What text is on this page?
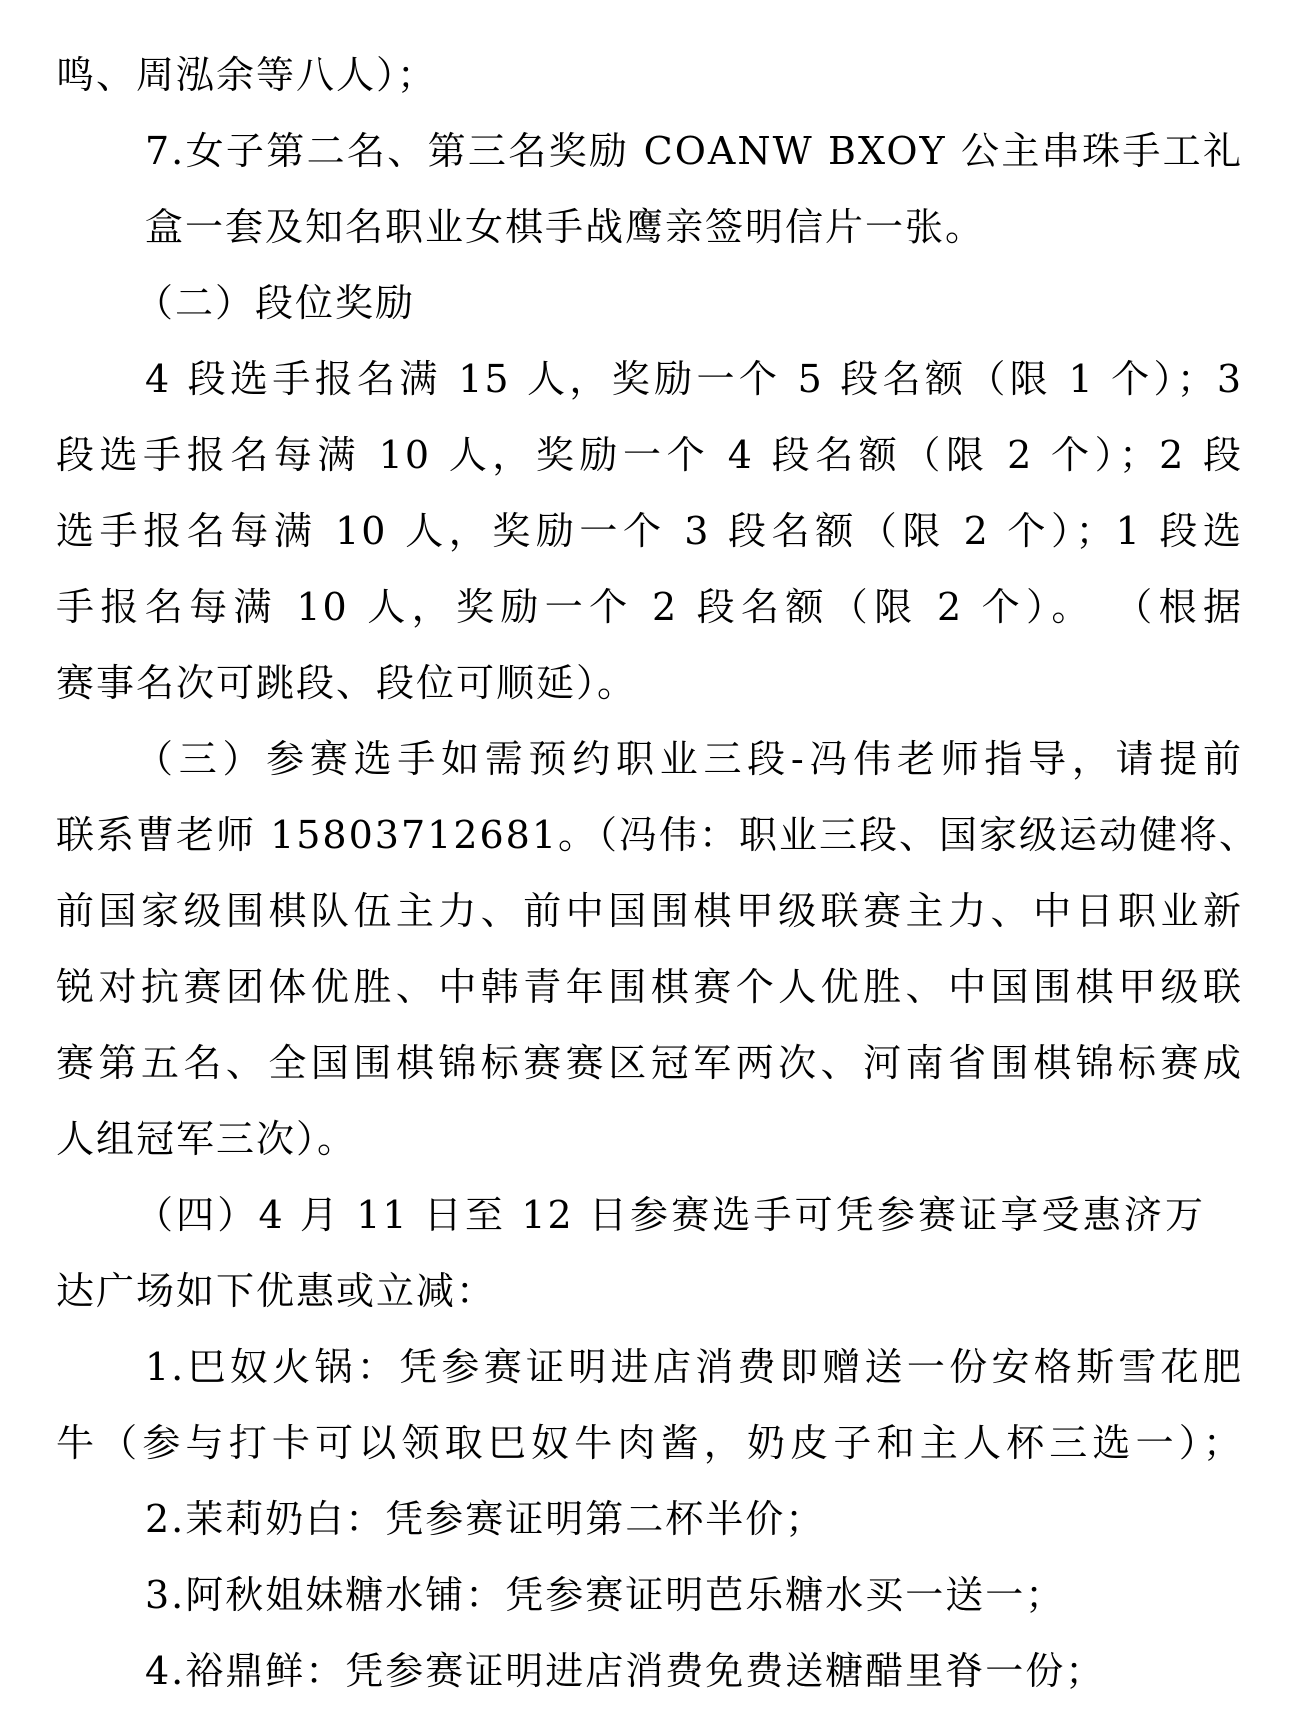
鸣、周泓余等八人）；
7.女子第二名、第三名奖励 COANW BXOY 公主串珠手工礼
盒一套及知名职业女棋手战鹰亲签明信片一张。
（二）段位奖励
4 段选手报名满 15 人，奖励一个 5 段名额（限 1 个）；3
段选手报名每满 10 人，奖励一个 4 段名额（限 2 个）；2 段
选手报名每满 10 人，奖励一个 3 段名额（限 2 个）；1 段选
手报名每满 10 人，奖励一个 2 段名额（限 2 个）。 （根据
赛事名次可跳段、段位可顺延）。
（三）参赛选手如需预约职业三段-冯伟老师指导，请提前
联系曹老师 15803712681。（冯伟：职业三段、国家级运动健将、
前国家级围棋队伍主力、前中国围棋甲级联赛主力、中日职业新
锐对抗赛团体优胜、中韩青年围棋赛个人优胜、中国围棋甲级联
赛第五名、全国围棋锦标赛赛区冠军两次、河南省围棋锦标赛成
人组冠军三次）。
（四）4 月 11 日至 12 日参赛选手可凭参赛证享受惠济万
达广场如下优惠或立减：
1.巴奴火锅：凭参赛证明进店消费即赠送一份安格斯雪花肥
牛（参与打卡可以领取巴奴牛肉酱，奶皮子和主人杯三选一）；
2.茉莉奶白：凭参赛证明第二杯半价；
3.阿秋姐妹糖水铺：凭参赛证明芭乐糖水买一送一；
4.裕鼎鲜：凭参赛证明进店消费免费送糖醋里脊一份；
